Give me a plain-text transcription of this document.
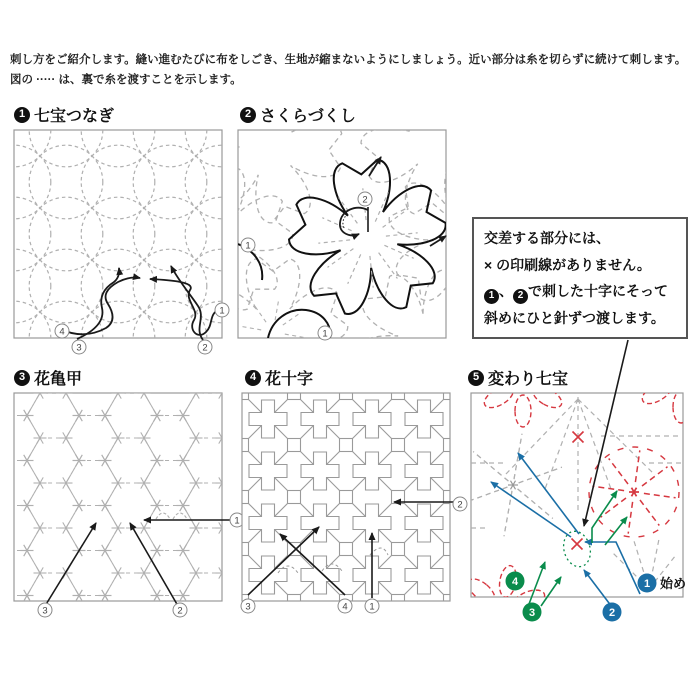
刺し方をご紹介します。縫い進むたびに布をしごき、生地が縮まないようにしましょう。近い部分は糸を切らずに続けて刺します。
図の ····· は、裏で糸を渡すことを示します。
1 七宝つなぎ	2 さくらづくし
3 花亀甲	4 花十字	5 変わり七宝
1
2
3
4
1
2
1
1
2
3	1
2
3	4
1 始め
2
3
4
交差する部分には、
× の印刷線がありません。
1 、 2 で刺した十字にそって
斜めにひと針ずつ渡します。
